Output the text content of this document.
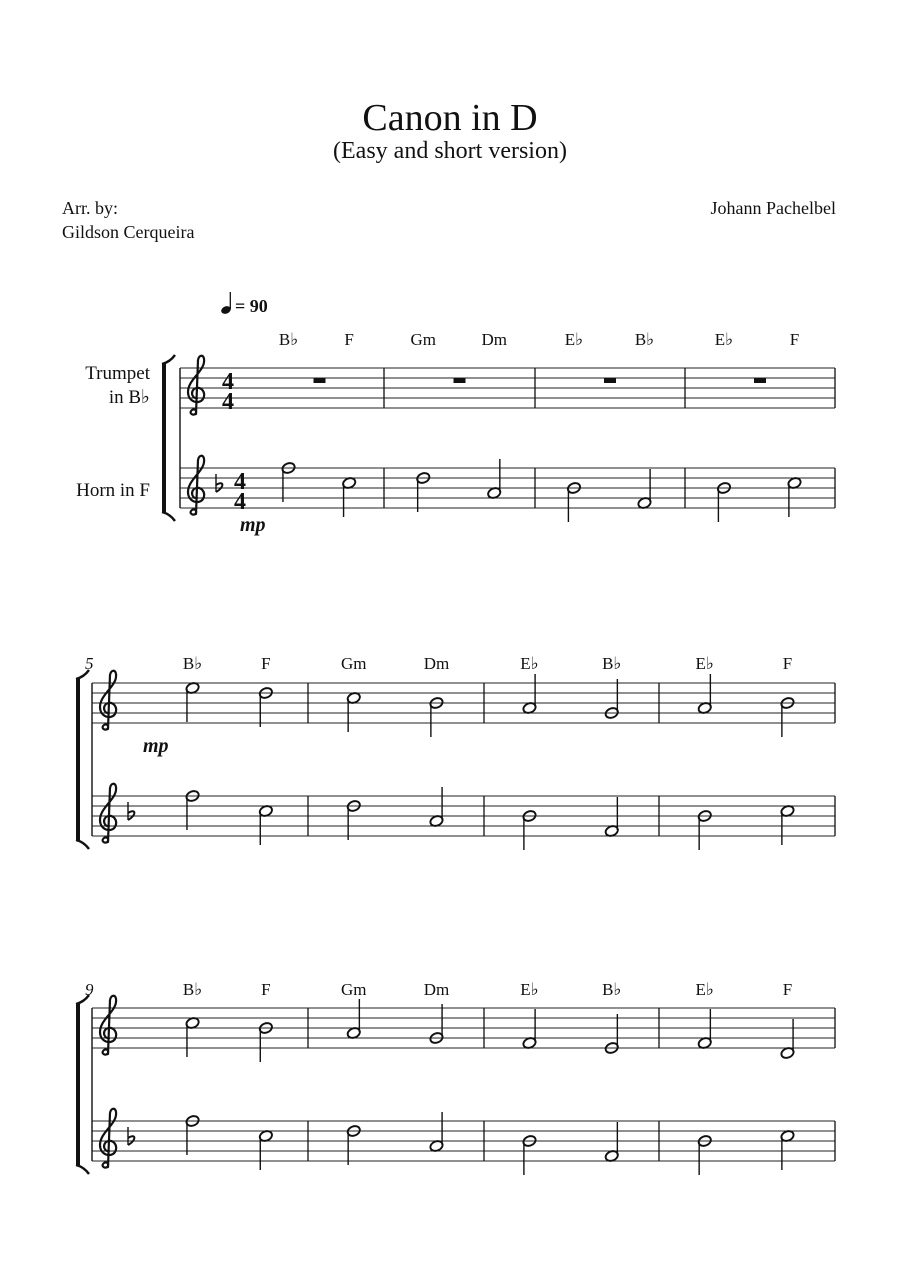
Canon in D
(Easy and short version)
Arr. by:
Gildson Cerqueira
Johann Pachelbel
= 90
4
4
4
4
B♭	F	Gm	Dm	E♭	B♭	E♭	F
mp
5	B♭	F	Gm	Dm	E♭	B♭	E♭	F
mp
9	B♭	F	Gm	Dm	E♭	B♭	E♭	F
Trumpet
in B♭
Horn in F
